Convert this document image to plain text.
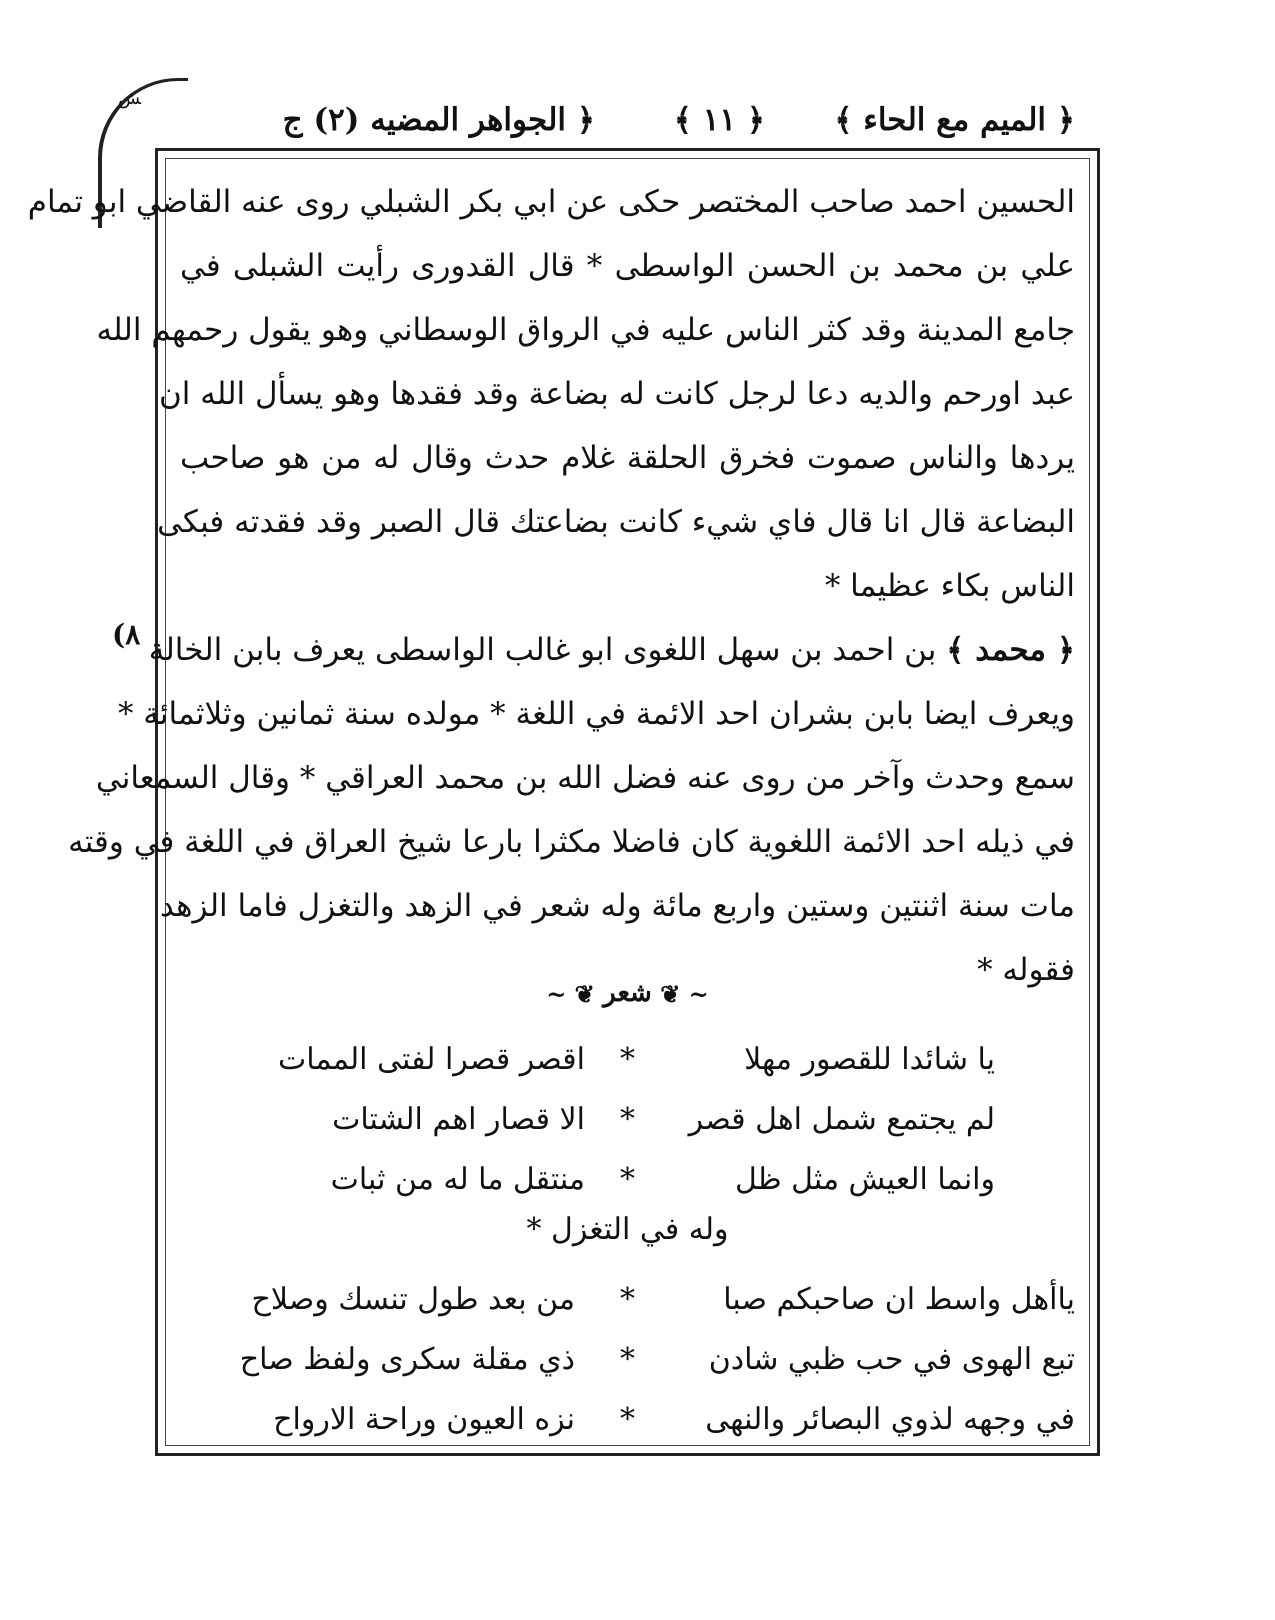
ﺶ
(٨
﴿ الميم مع الحاء ﴾
﴿ ١١ ﴾
﴿ الجواهر المضيه (٢) ج
الحسين احمد صاحب المختصر حكى عن ابي بكر الشبلي روى عنه القاضي ابو تمام
علي بن محمد بن الحسن الواسطى * قال القدورى رأيت الشبلى في
جامع المدينة وقد كثر الناس عليه في الرواق الوسطاني وهو يقول رحمهم الله
عبد اورحم والديه دعا لرجل كانت له بضاعة وقد فقدها وهو يسأل الله ان
يردها والناس صموت فخرق الحلقة غلام حدث وقال له من هو صاحب
البضاعة قال انا قال فاي شيء كانت بضاعتك قال الصبر وقد فقدته فبكى
الناس بكاء عظيما *
﴿ محمد ﴾ بن احمد بن سهل اللغوى ابو غالب الواسطى يعرف بابن الخالة
ويعرف ايضا بابن بشران احد الائمة في اللغة * مولده سنة ثمانين وثلاثمائة *
سمع وحدث وآخر من روى عنه فضل الله بن محمد العراقي * وقال السمعاني
في ذيله احد الائمة اللغوية كان فاضلا مكثرا بارعا شيخ العراق في اللغة في وقته
مات سنة اثنتين وستين واربع مائة وله شعر في الزهد والتغزل فاما الزهد
فقوله *
~ ❦ شعر ❦ ~
يا شائدا للقصور مهلا
*
اقصر قصرا لفتى الممات
لم يجتمع شمل اهل قصر
*
الا قصار اهم الشتات
وانما العيش مثل ظل
*
منتقل ما له من ثبات
وله في التغزل *
ياأهل واسط ان صاحبكم صبا
*
من بعد طول تنسك وصلاح
تبع الهوى في حب ظبي شادن
*
ذي مقلة سكرى ولفظ صاح
في وجهه لذوي البصائر والنهى
*
نزه العيون وراحة الارواح
